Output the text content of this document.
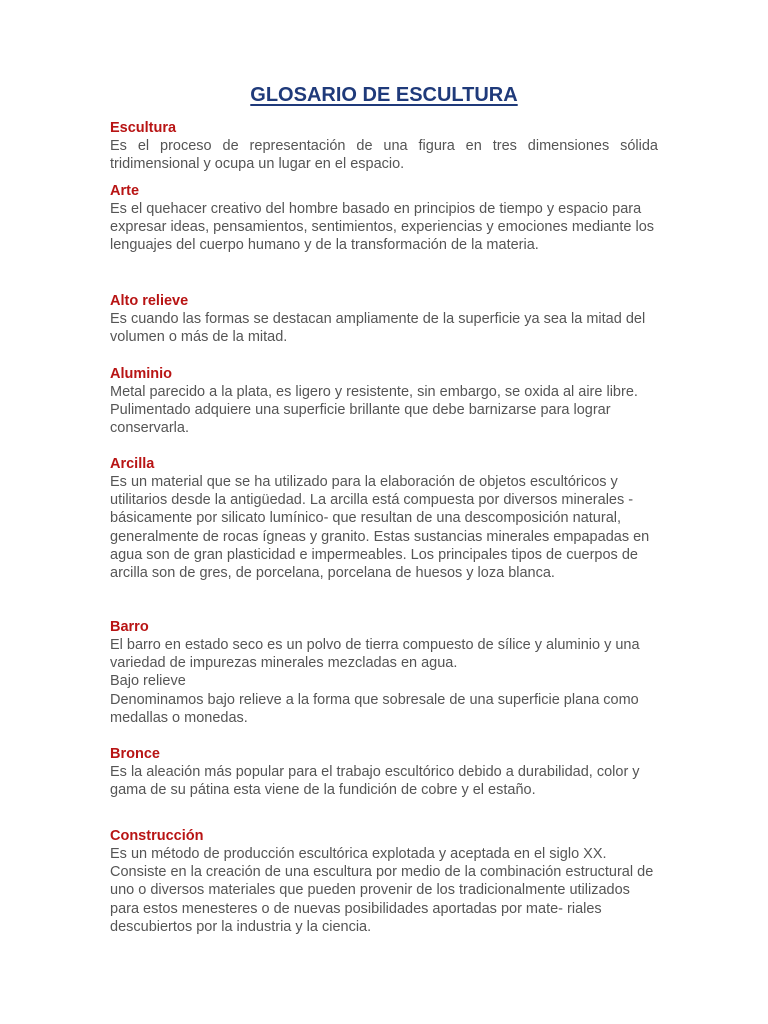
GLOSARIO DE ESCULTURA

Escultura

Es el proceso de representación de una figura en tres dimensiones sólida tridimensional y ocupa un lugar en el espacio.

Arte

Es el quehacer creativo del hombre basado en principios de tiempo y espacio para expresar ideas, pensamientos, sentimientos, experiencias y emociones mediante los lenguajes del cuerpo humano y de la transformación de la materia.

Alto relieve

Es cuando las formas se destacan ampliamente de la superficie ya sea la mitad del volumen o más de la mitad.

Aluminio

Metal parecido a la plata, es ligero y resistente, sin embargo, se oxida al aire libre. Pulimentado adquiere una superficie brillante que debe barnizarse para lograr conservarla.

Arcilla

Es un material que se ha utilizado para la elaboración de objetos escultóricos y utilitarios desde la antigüedad. La arcilla está compuesta por diversos minerales - básicamente por silicato lumínico- que resultan de una descomposición natural, generalmente de rocas ígneas y granito. Estas sustancias minerales empapadas en agua son de gran plasticidad e impermeables. Los principales tipos de cuerpos de arcilla son de gres, de porcelana, porcelana de huesos y loza blanca.

Barro

El barro en estado seco es un polvo de tierra compuesto de sílice y aluminio y una variedad de impurezas minerales mezcladas en agua.

Bajo relieve

Denominamos bajo relieve a la forma que sobresale de una superficie plana como medallas o monedas.

Bronce

Es la aleación más popular para el trabajo escultórico debido a durabilidad, color y gama de su pátina esta viene de la fundición de cobre y el estaño.

Construcción

Es un método de producción escultórica explotada y aceptada en el siglo XX. Consiste en la creación de una escultura por medio de la combinación estructural de uno o diversos materiales que pueden provenir de los tradicionalmente utilizados para estos menesteres o de nuevas posibilidades aportadas por mate- riales descubiertos por la industria y la ciencia.
